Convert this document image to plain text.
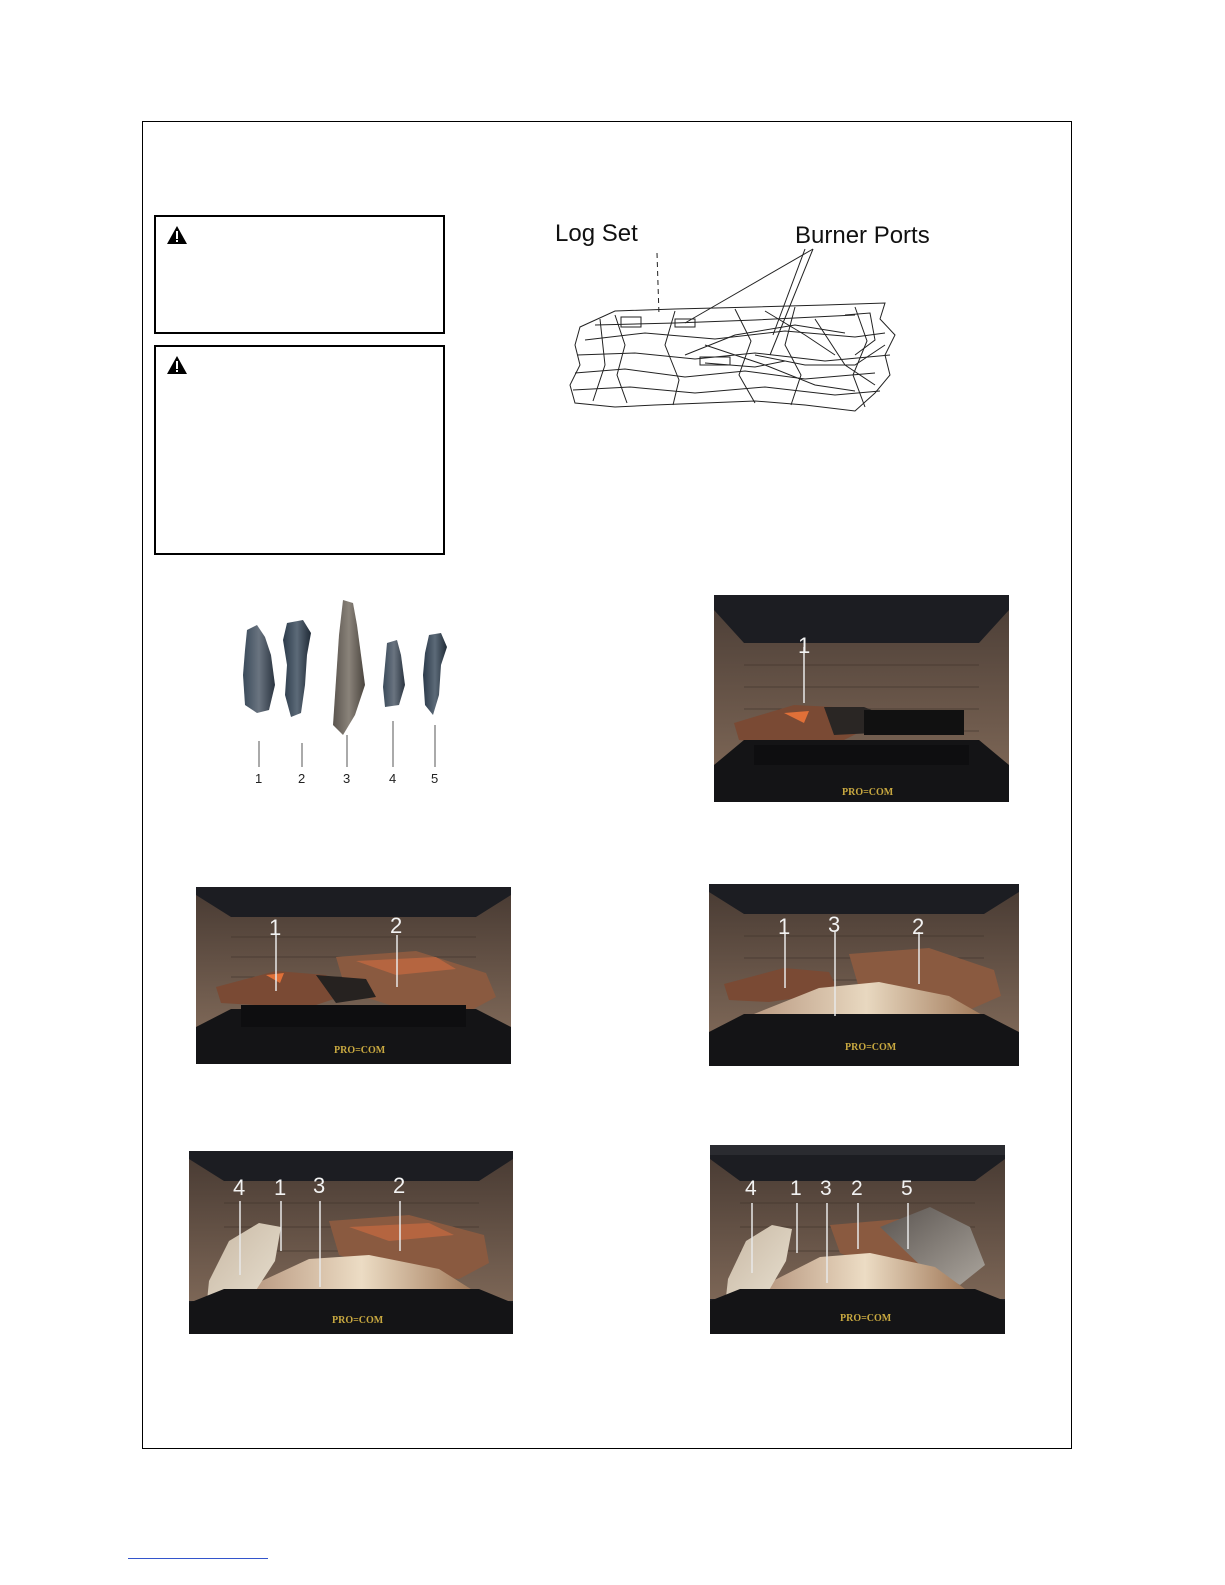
Log Set	Burner Ports
1	2	3	4	5
1
PRO=COM
1	2
PRO=COM
1 3	2
PRO=COM
4 1 3	2
PRO=COM
4 1 3 2 5
PRO=COM
